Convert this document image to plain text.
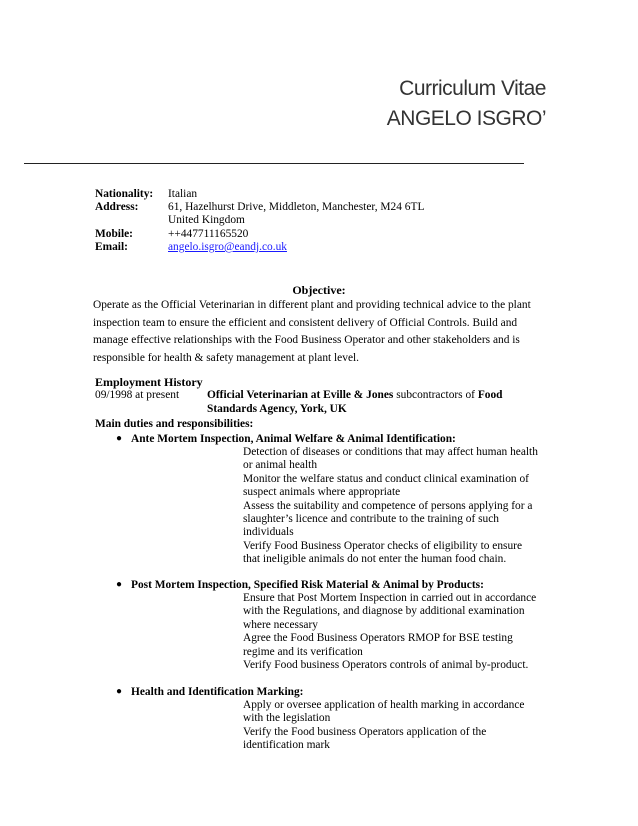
Curriculum Vitae
ANGELO ISGRO’
Nationality: Italian
Address:	61, Hazelhurst Drive, Middleton, Manchester, M24 6TL
United Kingdom
Mobile:	++447711165520
Email:	angelo.isgro@eandj.co.uk
Objective:
Operate as the Official Veterinarian in different plant and providing technical advice to the plant inspection team to ensure the efficient and consistent delivery of Official Controls. Build and manage effective relationships with the Food Business Operator and other stakeholders and is responsible for health & safety management at plant level.
Employment History
09/1998 at present Official Veterinarian at Eville & Jones subcontractors of Food
Standards Agency, York, UK
Main duties and responsibilities:
● Ante Mortem Inspection, Animal Welfare & Animal Identification:
Detection of diseases or conditions that may affect human health
or animal health
Monitor the welfare status and conduct clinical examination of
suspect animals where appropriate
Assess the suitability and competence of persons applying for a
slaughter’s licence and contribute to the training of such
individuals
Verify Food Business Operator checks of eligibility to ensure
that ineligible animals do not enter the human food chain.
● Post Mortem Inspection, Specified Risk Material & Animal by Products:
Ensure that Post Mortem Inspection in carried out in accordance
with the Regulations, and diagnose by additional examination
where necessary
Agree the Food Business Operators RMOP for BSE testing
regime and its verification
Verify Food business Operators controls of animal by-product.
● Health and Identification Marking:
Apply or oversee application of health marking in accordance
with the legislation
Verify the Food business Operators application of the
identification mark
